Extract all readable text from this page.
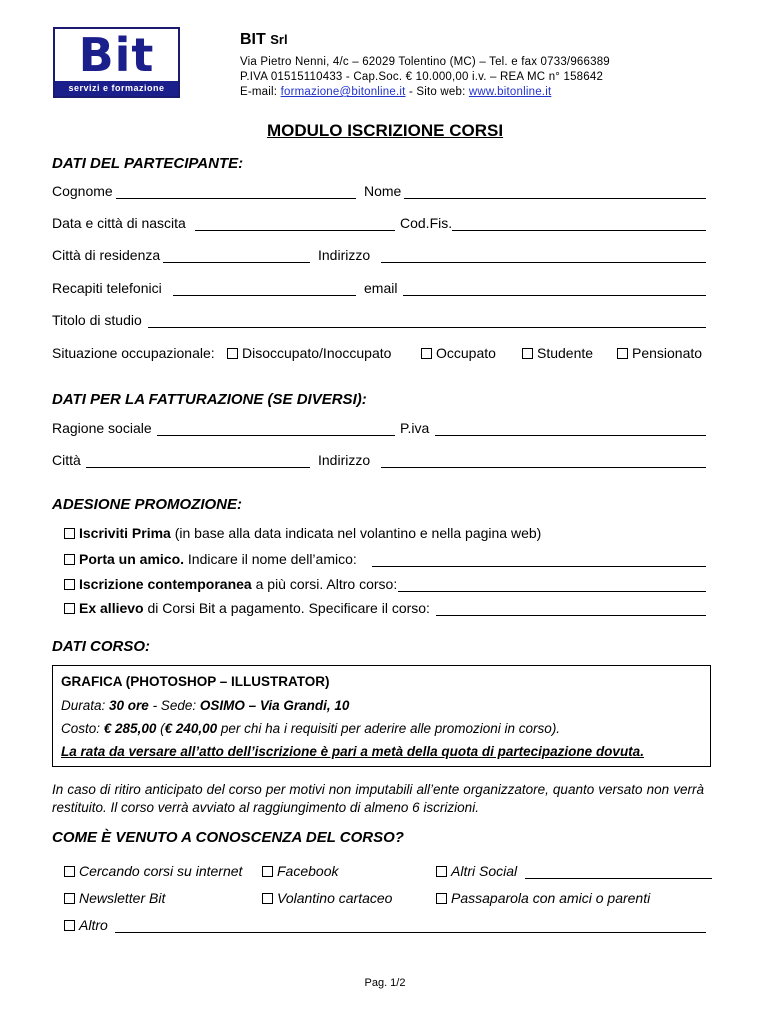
Bit
servizi e formazione
BIT Srl
Via Pietro Nenni, 4/c – 62029 Tolentino (MC) – Tel. e fax 0733/966389
P.IVA 01515110433 - Cap.Soc. € 10.000,00 i.v. – REA MC n° 158642
E-mail: formazione@bitonline.it - Sito web: www.bitonline.it
MODULO ISCRIZIONE CORSI
DATI DEL PARTECIPANTE:
Cognome	Nome
Data e città di nascita	Cod.Fis.
Città di residenza	Indirizzo
Recapiti telefonici	email
Titolo di studio
Situazione occupazionale:	Disoccupato/Inoccupato	Occupato	Studente	Pensionato
DATI PER LA FATTURAZIONE (SE DIVERSI):
Ragione sociale	P.iva
Città	Indirizzo
ADESIONE PROMOZIONE:
Iscriviti Prima (in base alla data indicata nel volantino e nella pagina web)
Porta un amico. Indicare il nome dell’amico:
Iscrizione contemporanea a più corsi. Altro corso:
Ex allievo di Corsi Bit a pagamento. Specificare il corso:
DATI CORSO:
GRAFICA (PHOTOSHOP – ILLUSTRATOR)
Durata: 30 ore - Sede: OSIMO – Via Grandi, 10
Costo: € 285,00 (€ 240,00 per chi ha i requisiti per aderire alle promozioni in corso).
La rata da versare all’atto dell’iscrizione è pari a metà della quota di partecipazione dovuta.
In caso di ritiro anticipato del corso per motivi non imputabili all’ente organizzatore, quanto versato non verrà restituito. Il corso verrà avviato al raggiungimento di almeno 6 iscrizioni.
COME È VENUTO A CONOSCENZA DEL CORSO?
Cercando corsi su internet	Facebook	Altri Social
Newsletter Bit	Volantino cartaceo	Passaparola con amici o parenti
Altro
Pag. 1/2
